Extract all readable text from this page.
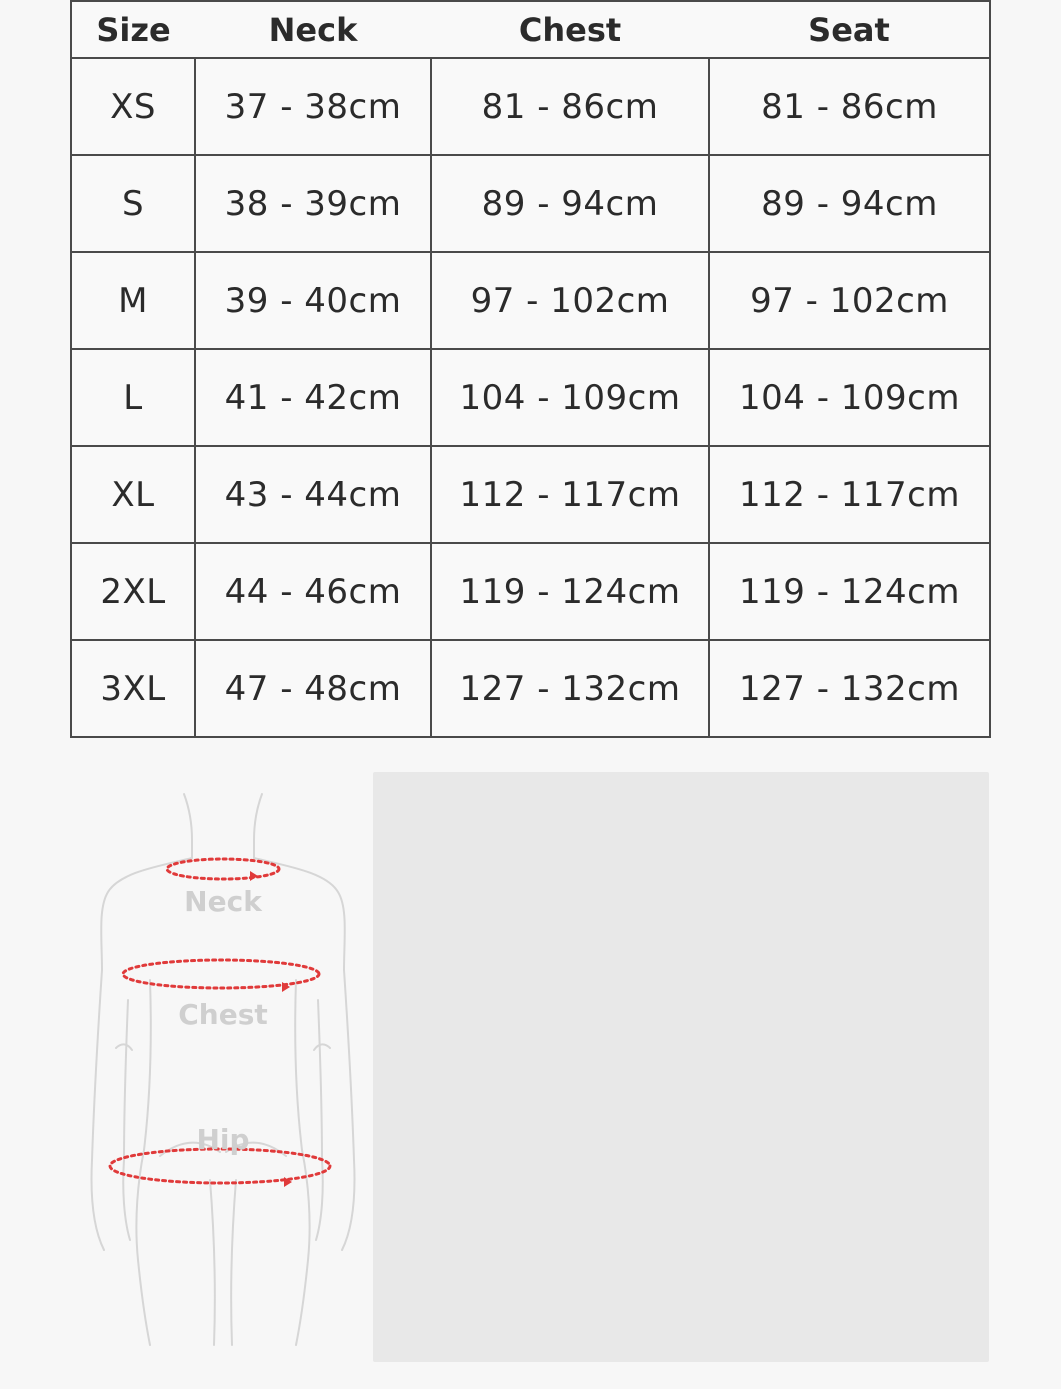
Size	Neck	Chest	Seat
XS	37 - 38cm	81 - 86cm	81 - 86cm
S	38 - 39cm	89 - 94cm	89 - 94cm
M	39 - 40cm	97 - 102cm	97 - 102cm
L	41 - 42cm	104 - 109cm	104 - 109cm
XL	43 - 44cm	112 - 117cm	112 - 117cm
2XL	44 - 46cm	119 - 124cm	119 - 124cm
3XL	47 - 48cm	127 - 132cm	127 - 132cm
Neck
Chest
Hip
